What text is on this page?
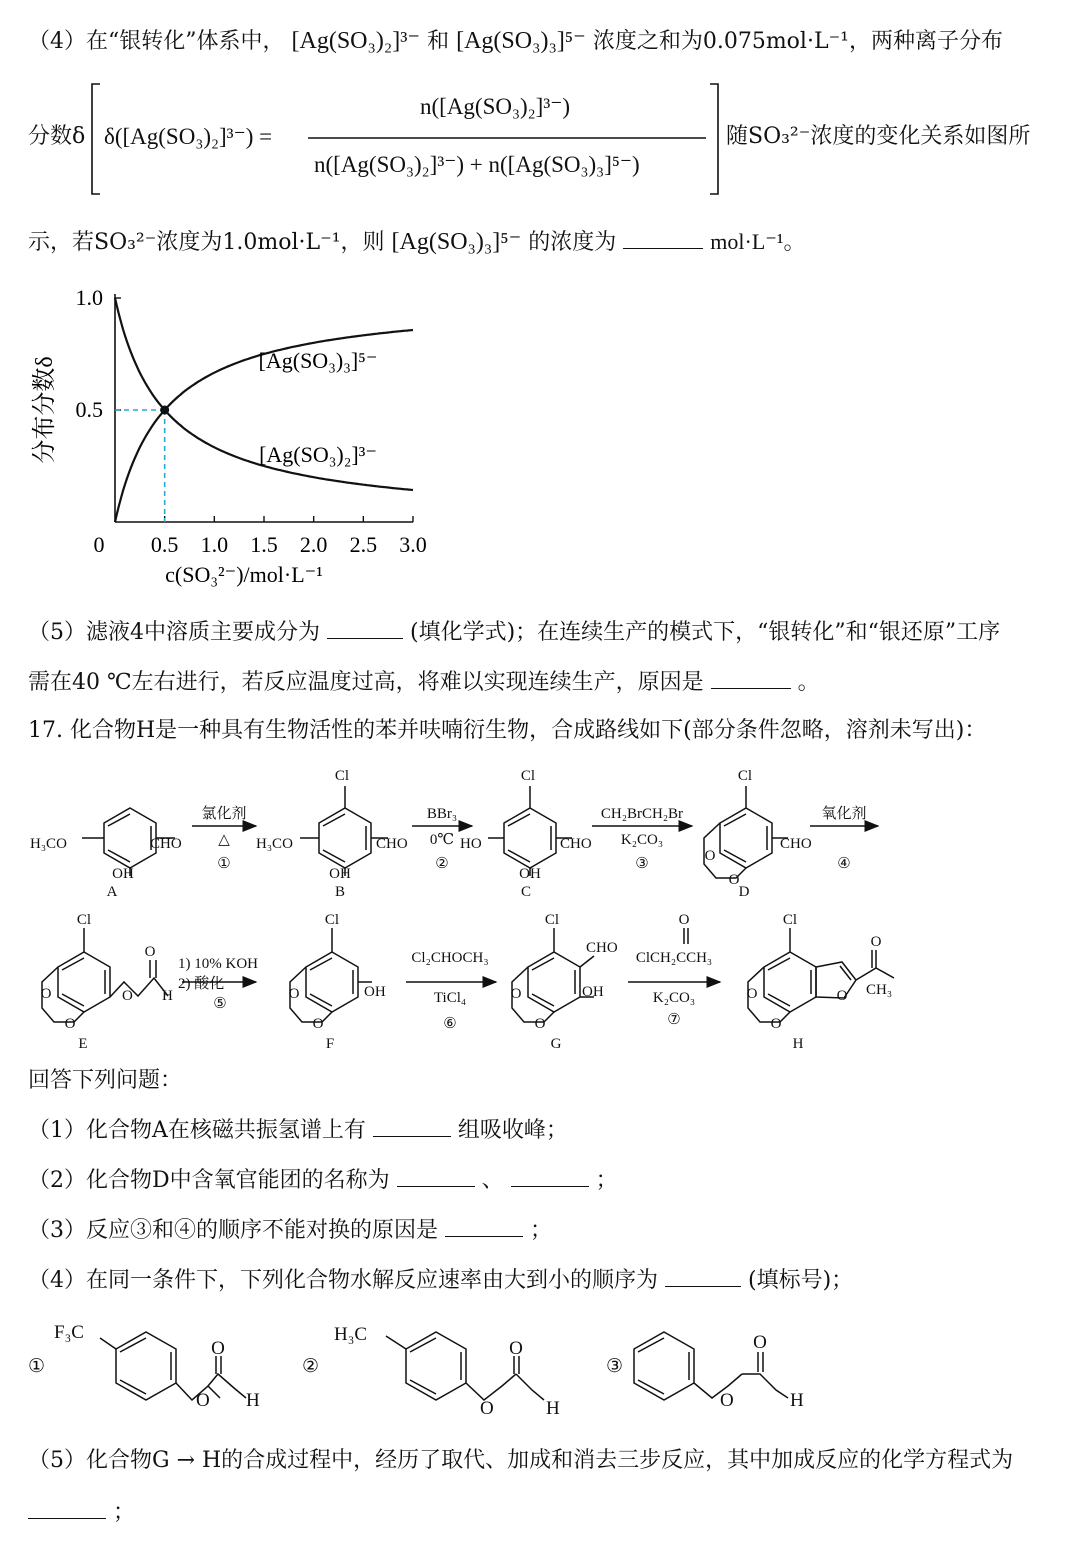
（4）在“银转化”体系中， [Ag(SO₃)₂]³⁻ 和 [Ag(SO₃)₃]⁵⁻ 浓度之和为0.075mol·L⁻¹，两种离子分布
分数δ δ([Ag(SO₃)₂]³⁻) =
n([Ag(SO₃)₂]³⁻)
n([Ag(SO₃)₂]³⁻) + n([Ag(SO₃)₃]⁵⁻)
随SO₃²⁻浓度的变化关系如图所
示，若SO₃²⁻浓度为1.0mol·L⁻¹，则 [Ag(SO₃)₃]⁵⁻ 的浓度为	mol·L⁻¹。
0 0.5 1.0 1.5 2.0 2.5 3.0
1.0
0.5
c(SO₃²⁻)/mol·L⁻¹
分布分数δ	[Ag(SO₃)₃]⁵⁻
[Ag(SO₃)₂]³⁻
（5）滤液4中溶质主要成分为	(填化学式)；在连续生产的模式下，“银转化”和“银还原”工序
需在40 ℃左右进行，若反应温度过高，将难以实现连续生产，原因是	。
17. 化合物H是一种具有生物活性的苯并呋喃衍生物，合成路线如下(部分条件忽略，溶剂未写出)：
H₃CO	CHO
OH
A
H₃CO	CHO
Cl
OH
B
HO	CHO
Cl
OH
C
Cl
CHO
O
O
D
Cl
O
O
O
O
H
E
Cl
O
O
OH
F
Cl
CHO
OH
O
O
G
Cl
O
CH₃
O
O
O
H
氯化剂
△
①
BBr₃
0℃
②
CH₂BrCH₂Br
K₂CO₃
③
氧化剂
④
1) 10% KOH
2) 酸化
⑤
Cl₂CHOCH₃
TiCl₄
⑥
O
ClCH₂CCH₃
K₂CO₃
⑦
回答下列问题：
（1）化合物A在核磁共振氢谱上有	组吸收峰；
（2）化合物D中含氧官能团的名称为	、	；
（3）反应③和④的顺序不能对换的原因是	；
（4）在同一条件下，下列化合物水解反应速率由大到小的顺序为	(填标号)；
①
F₃C
O
O
H
②
H₃C
O
O
H
③
O
O
H
（5）化合物G → H的合成过程中，经历了取代、加成和消去三步反应，其中加成反应的化学方程式为
；
